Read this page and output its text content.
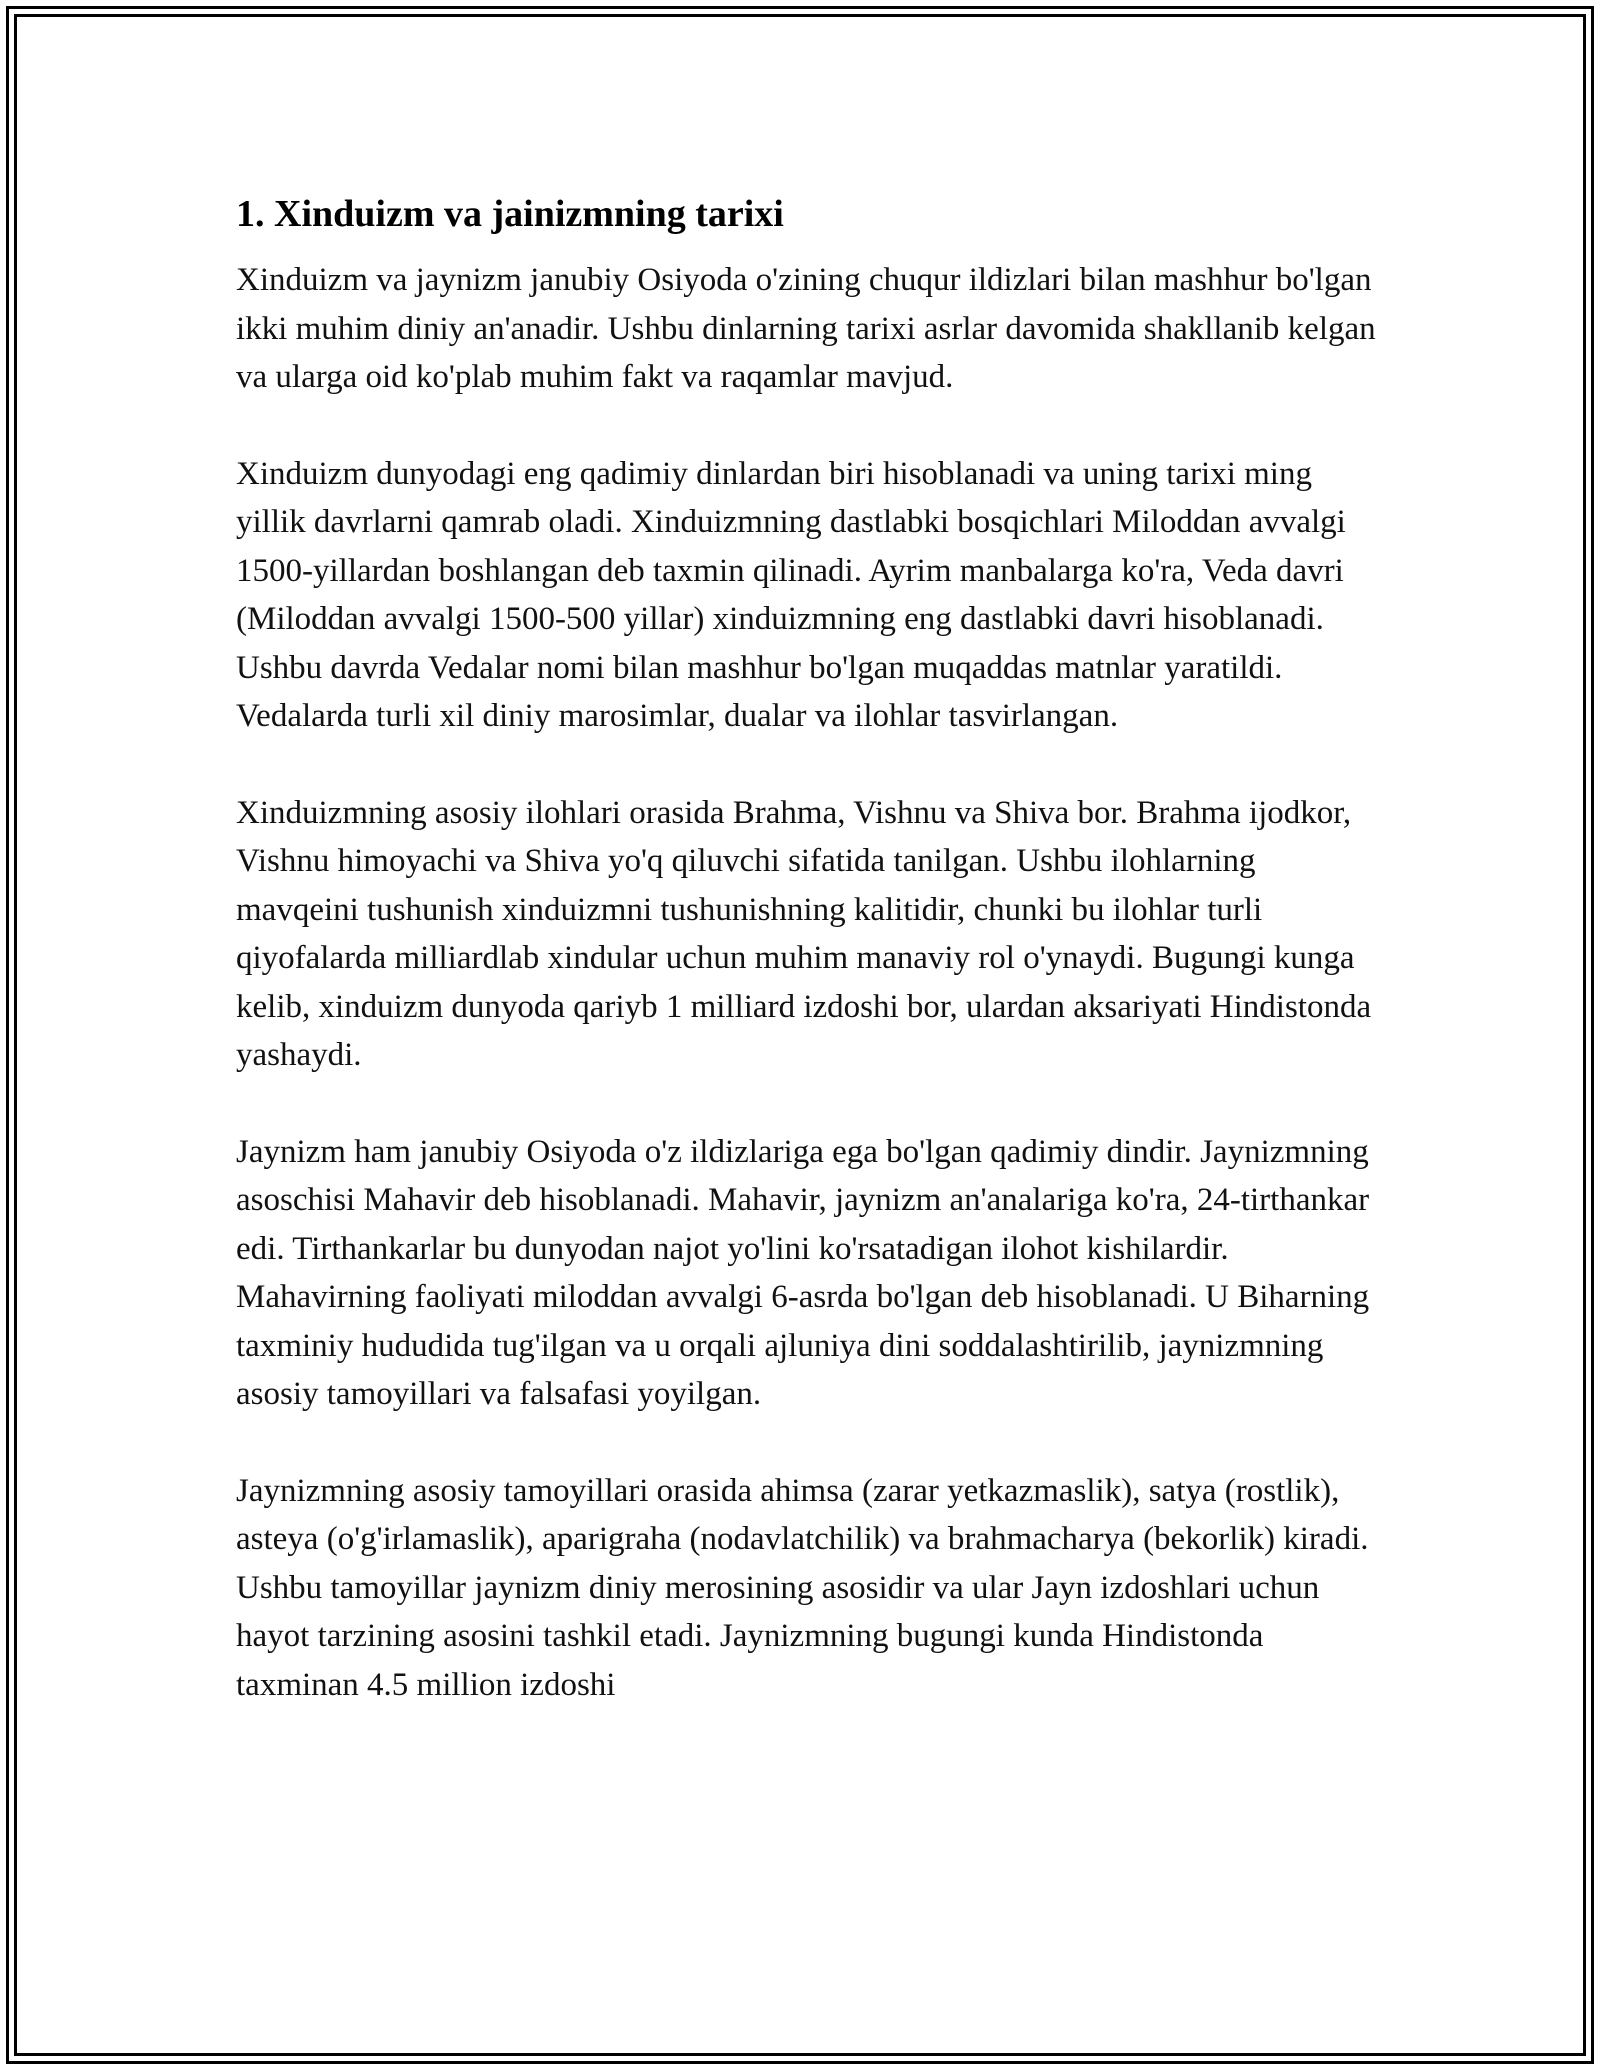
1. Xinduizm va jainizmning tarixi

Xinduizm va jaynizm janubiy Osiyoda o'zining chuqur ildizlari bilan mashhur bo'lgan ikki muhim diniy an'anadir. Ushbu dinlarning tarixi asrlar davomida shakllanib kelgan va ularga oid ko'plab muhim fakt va raqamlar mavjud.

Xinduizm dunyodagi eng qadimiy dinlardan biri hisoblanadi va uning tarixi ming yillik davrlarni qamrab oladi. Xinduizmning dastlabki bosqichlari Miloddan avvalgi 1500-yillardan boshlangan deb taxmin qilinadi. Ayrim manbalarga ko'ra, Veda davri (Miloddan avvalgi 1500-500 yillar) xinduizmning eng dastlabki davri hisoblanadi. Ushbu davrda Vedalar nomi bilan mashhur bo'lgan muqaddas matnlar yaratildi. Vedalarda turli xil diniy marosimlar, dualar va ilohlar tasvirlangan.

Xinduizmning asosiy ilohlari orasida Brahma, Vishnu va Shiva bor. Brahma ijodkor, Vishnu himoyachi va Shiva yo'q qiluvchi sifatida tanilgan. Ushbu ilohlarning mavqeini tushunish xinduizmni tushunishning kalitidir, chunki bu ilohlar turli qiyofalarda milliardlab xindular uchun muhim manaviy rol o'ynaydi. Bugungi kunga kelib, xinduizm dunyoda qariyb 1 milliard izdoshi bor, ulardan aksariyati Hindistonda yashaydi.

Jaynizm ham janubiy Osiyoda o'z ildizlariga ega bo'lgan qadimiy dindir. Jaynizmning asoschisi Mahavir deb hisoblanadi. Mahavir, jaynizm an'analariga ko'ra, 24-tirthankar edi. Tirthankarlar bu dunyodan najot yo'lini ko'rsatadigan ilohot kishilardir. Mahavirning faoliyati miloddan avvalgi 6-asrda bo'lgan deb hisoblanadi. U Biharning taxminiy hududida tug'ilgan va u orqali ajluniya dini soddalashtirilib, jaynizmning asosiy tamoyillari va falsafasi yoyilgan.

Jaynizmning asosiy tamoyillari orasida ahimsa (zarar yetkazmaslik), satya (rostlik), asteya (o'g'irlamaslik), aparigraha (nodavlatchilik) va brahmacharya (bekorlik) kiradi. Ushbu tamoyillar jaynizm diniy merosining asosidir va ular Jayn izdoshlari uchun hayot tarzining asosini tashkil etadi. Jaynizmning bugungi kunda Hindistonda taxminan 4.5 million izdoshi
